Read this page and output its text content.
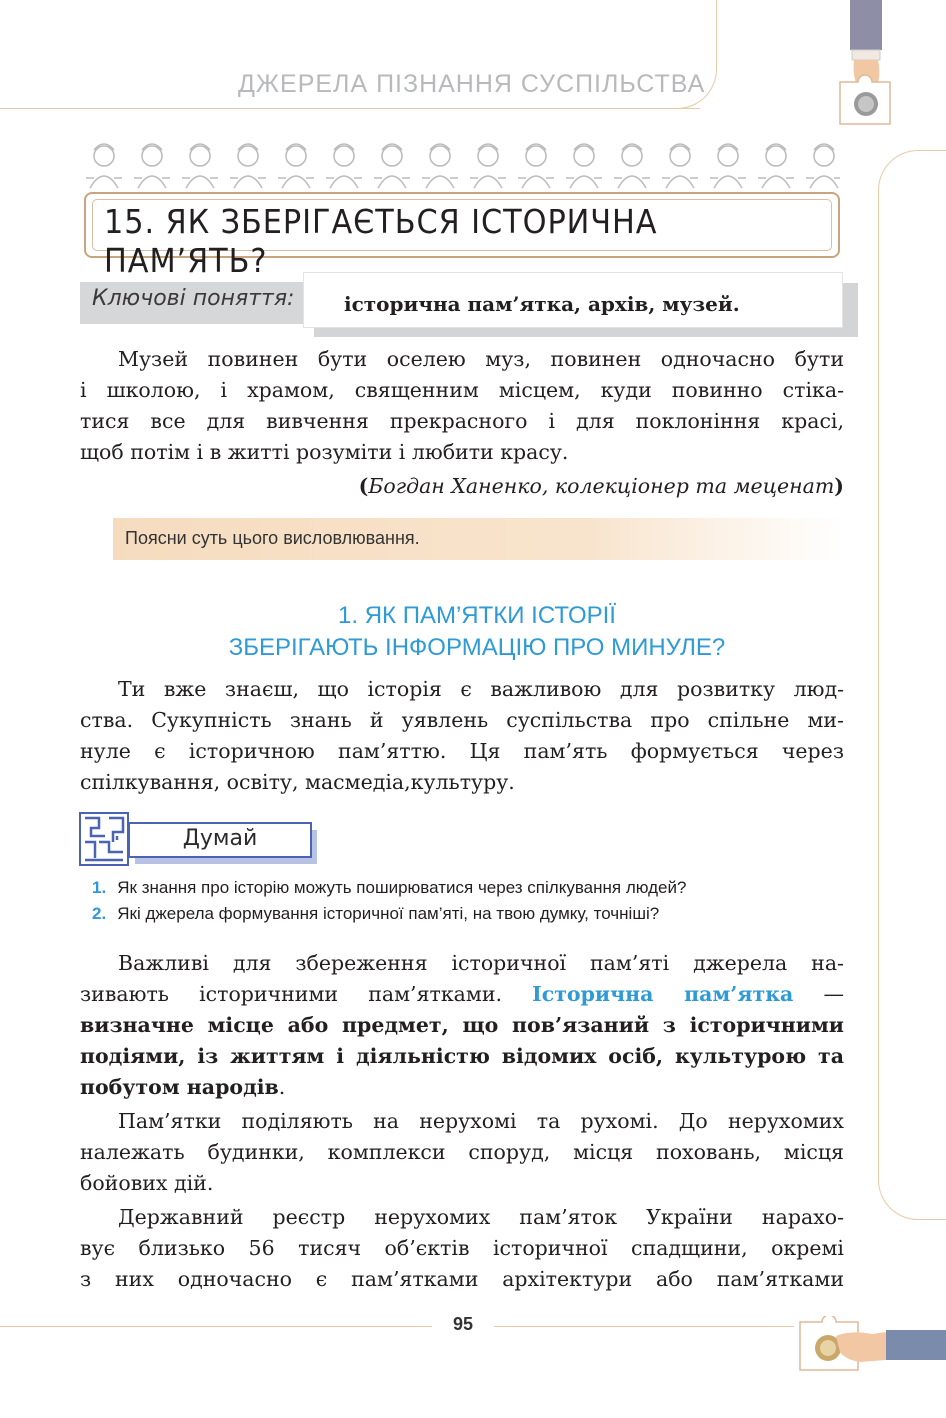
ДЖЕРЕЛА ПІЗНАННЯ СУСПІЛЬСТВА
15. ЯК ЗБЕРІГАЄТЬСЯ ІСТОРИЧНА ПАМ’ЯТЬ?
Ключові поняття: історична пам’ятка, архів, музей.
Музей повинен бути оселею муз, повинен одночасно бути
і школою, і храмом, священним місцем, куди повинно стіка-
тися все для вивчення прекрасного і для поклоніння красі,
щоб потім і в житті розуміти і любити красу.
(Богдан Ханенко, колекціонер та меценат)
Поясни суть цього висловлювання.
1. ЯК ПАМ’ЯТКИ ІСТОРІЇ
ЗБЕРІГАЮТЬ ІНФОРМАЦІЮ ПРО МИНУЛЕ?
Ти вже знаєш, що історія є важливою для розвитку люд-
ства. Сукупність знань й уявлень суспільства про спільне ми-
нуле є історичною пам’яттю. Ця пам’ять формується через
спілкування, освіту, масмедіа,культуру.
Думай
1. Як знання про історію можуть поширюватися через спілкування людей?
2. Які джерела формування історичної пам’яті, на твою думку, точніші?
Важливі для збереження історичної пам’яті джерела на-
зивають історичними пам’ятками. Історична пам’ятка —
визначне місце або предмет, що пов’язаний з історичними
подіями, із життям і діяльністю відомих осіб, культурою та
побутом народів.
Пам’ятки поділяють на нерухомі та рухомі. До нерухомих
належать будинки, комплекси споруд, місця поховань, місця
бойових дій.
Державний реєстр нерухомих пам’яток України нарахо-
вує близько 56 тисяч об’єктів історичної спадщини, окремі
з них одночасно є пам’ятками архітектури або пам’ятками
95
